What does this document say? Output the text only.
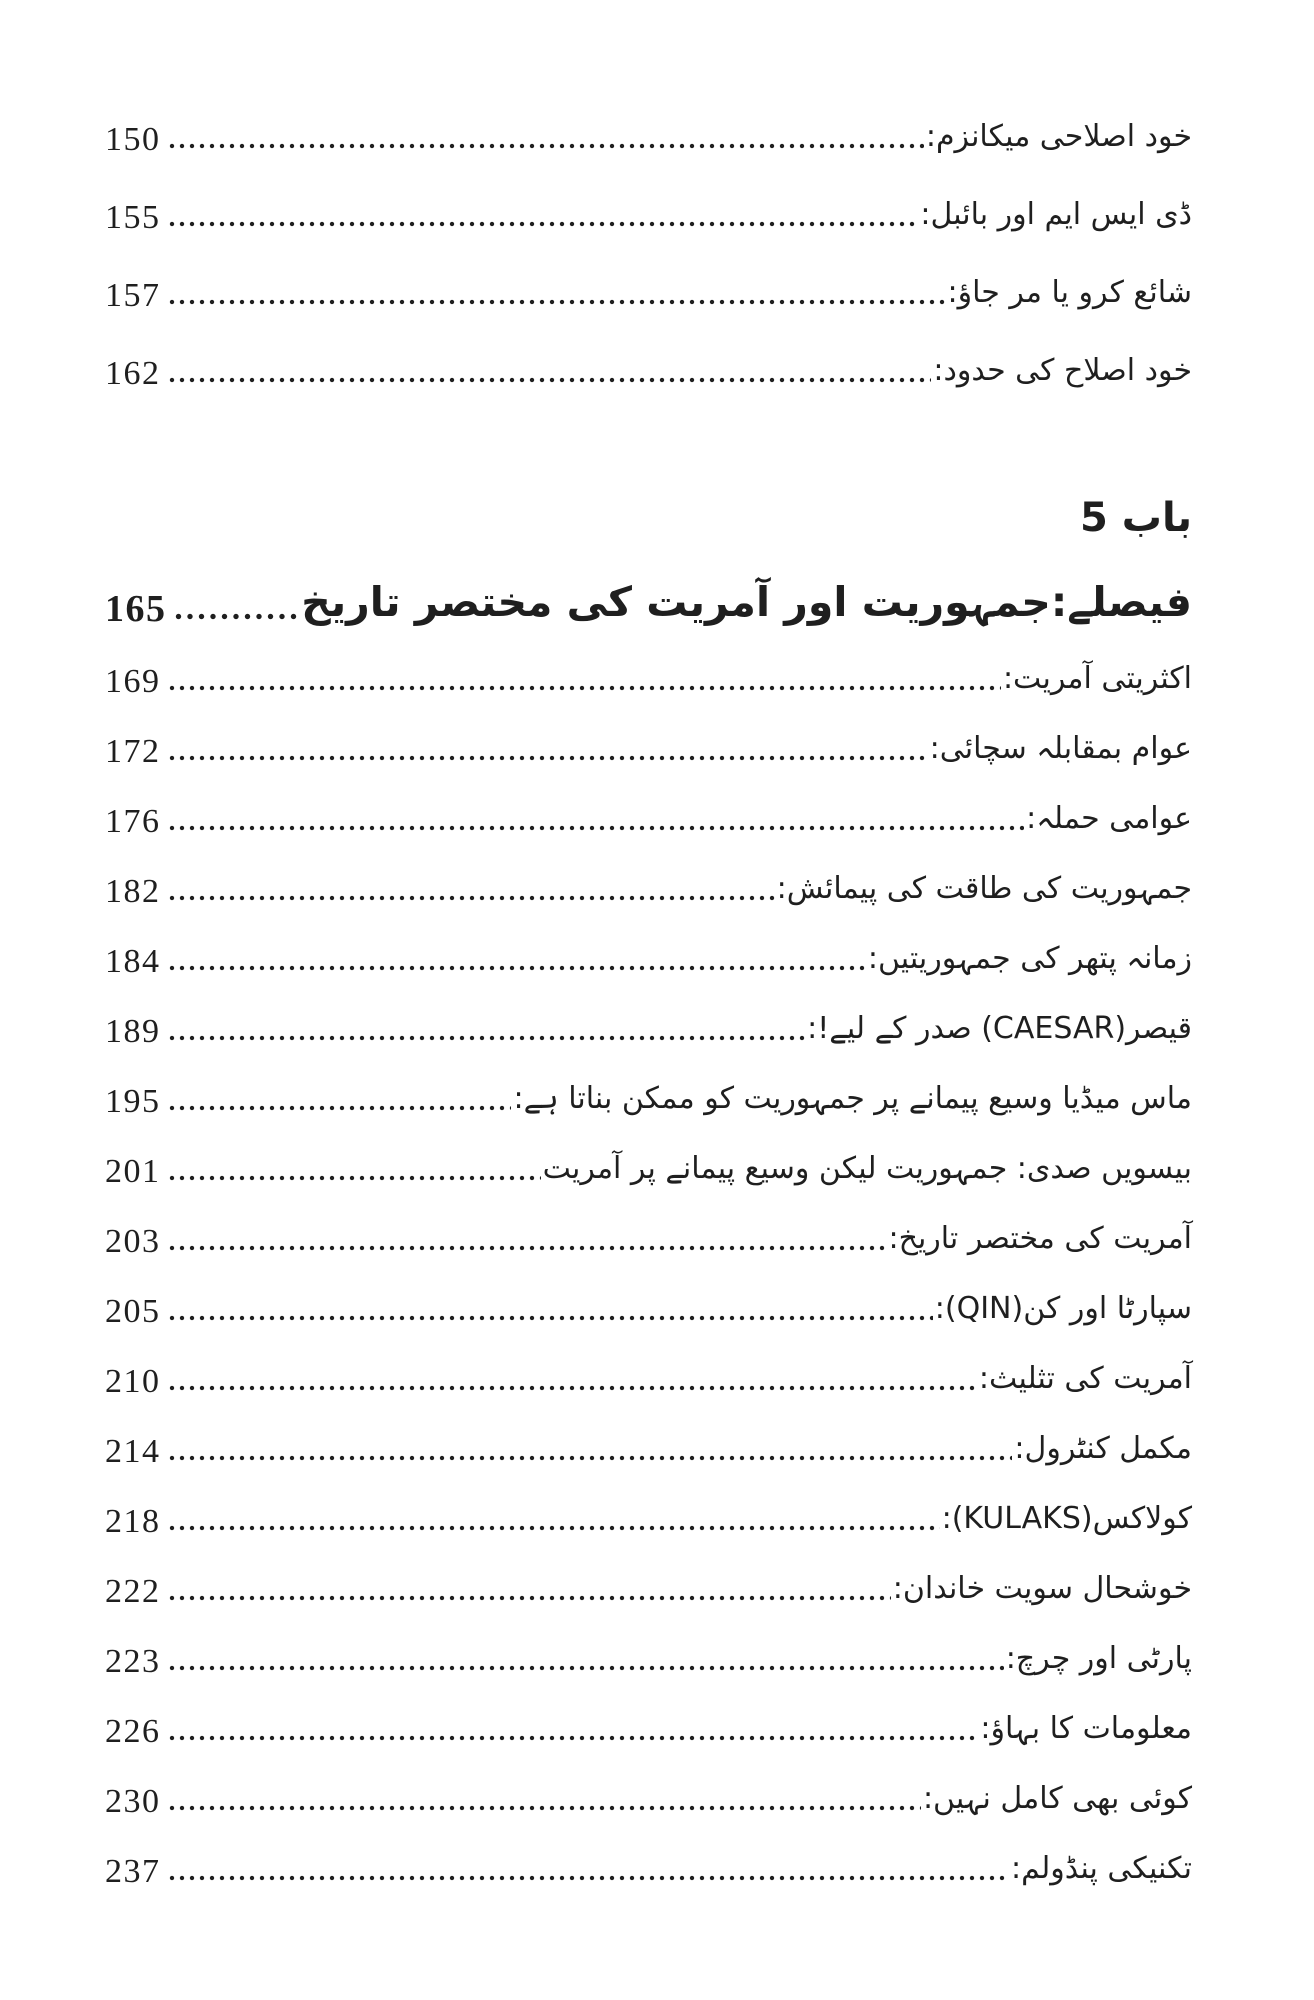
150	خود اصلاحی میکانزم:
155	ڈی ایس ایم اور بائبل:
157	شائع کرو یا مر جاؤ:
162	خود اصلاح کی حدود:
باب 5
165	فیصلے:جمہوریت اور آمریت کی مختصر تاریخ
169	اکثریتی آمریت:
172	عوام بمقابلہ سچائی:
176	عوامی حملہ:
182	جمہوریت کی طاقت کی پیمائش:
184	زمانہ پتھر کی جمہوریتیں:
189	قیصر(CAESAR) صدر کے لیے!:
195	ماس میڈیا وسیع پیمانے پر جمہوریت کو ممکن بناتا ہے:
201	بیسویں صدی: جمہوریت لیکن وسیع پیمانے پر آمریت
203	آمریت کی مختصر تاریخ:
205	سپارٹا اور کن(QIN):
210	آمریت کی تثلیث:
214	مکمل کنٹرول:
218	کولاکس(KULAKS):
222	خوشحال سویت خاندان:
223	پارٹی اور چرچ:
226	معلومات کا بہاؤ:
230	کوئی بھی کامل نہیں:
237	تکنیکی پنڈولم:
